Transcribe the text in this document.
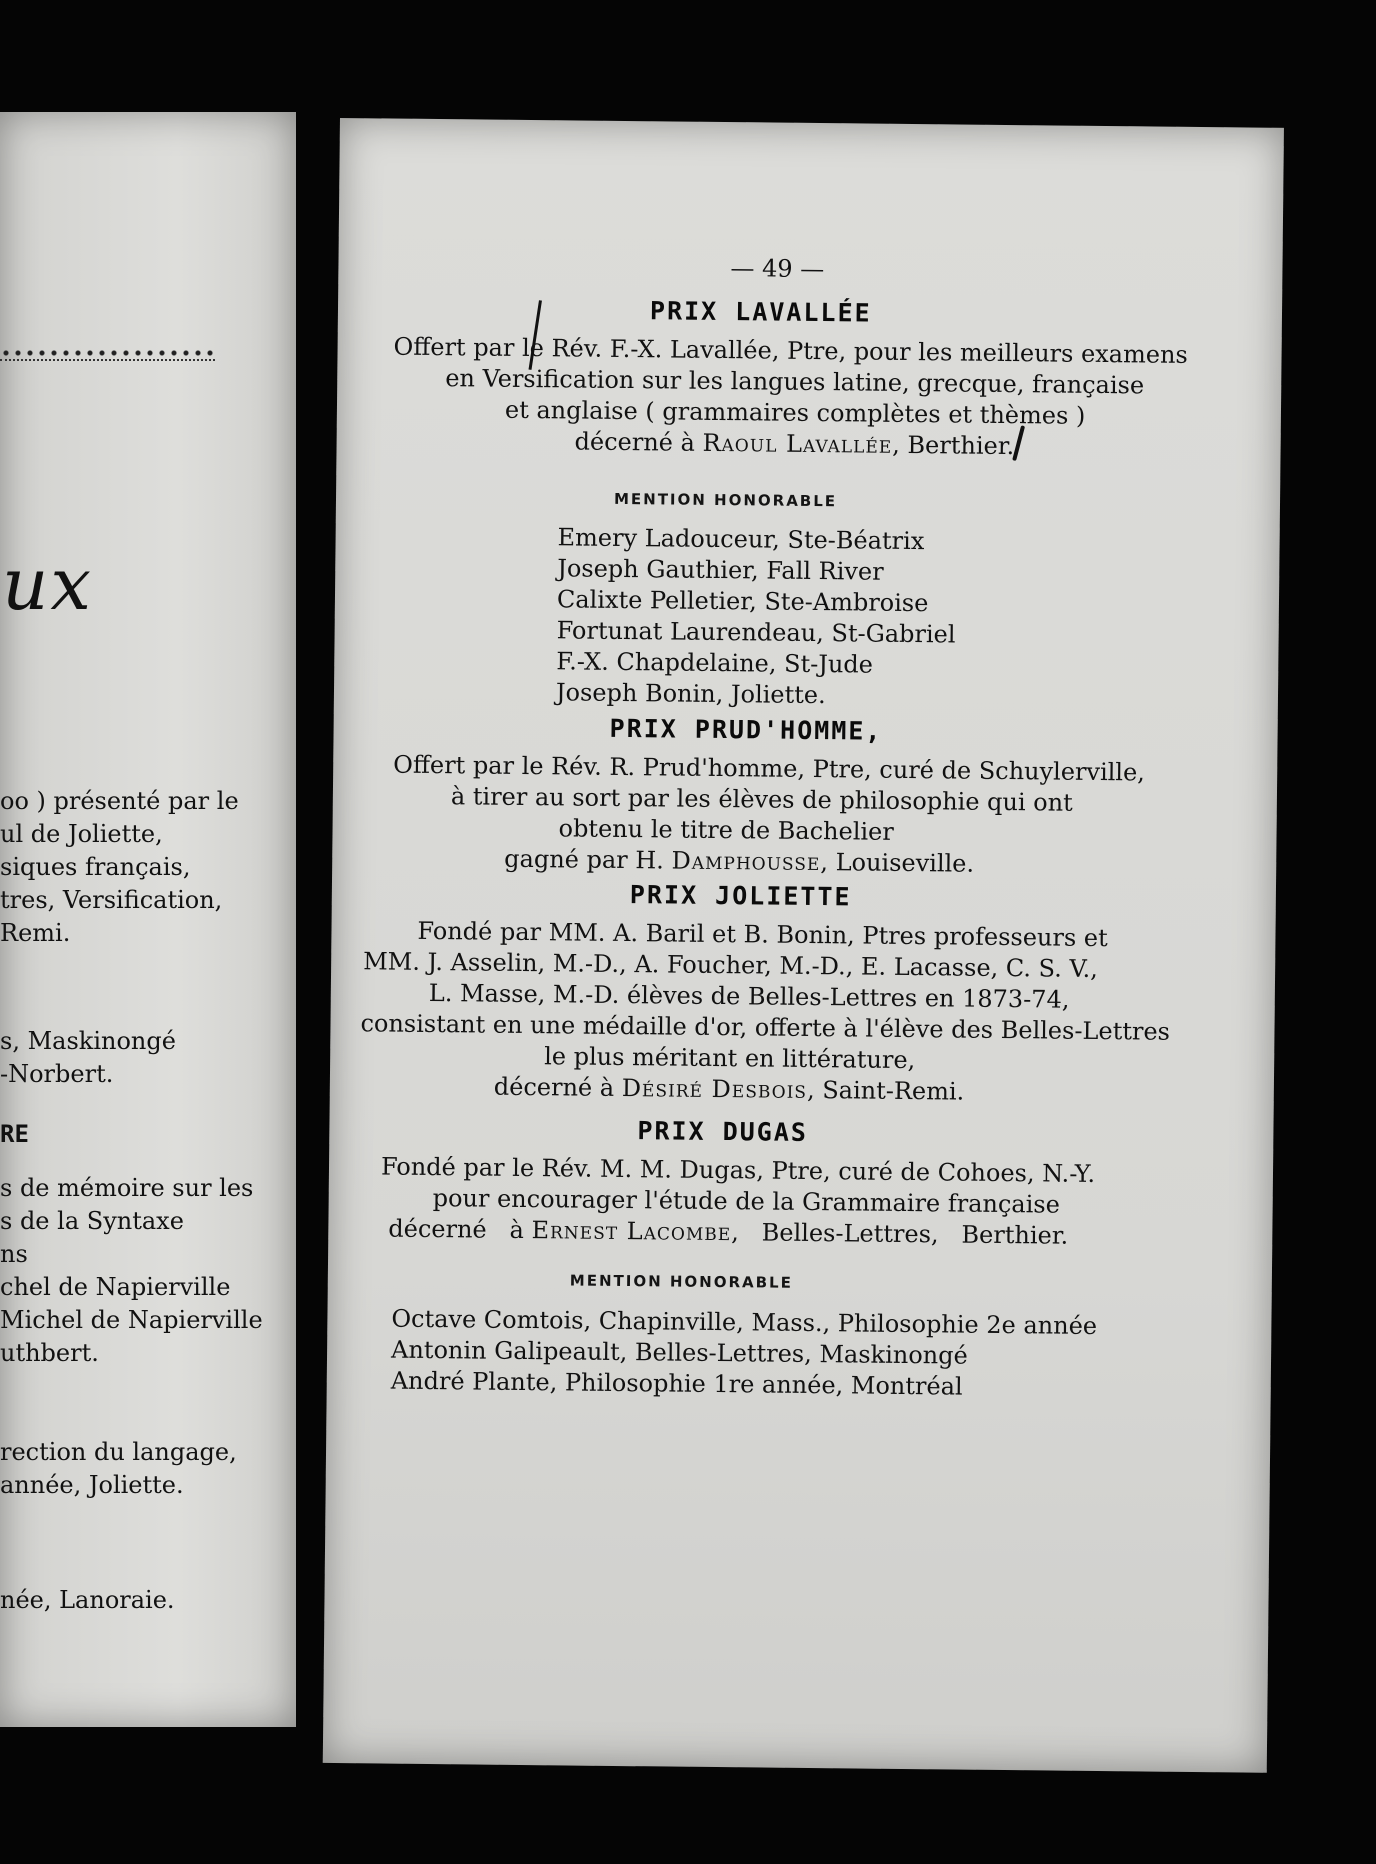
ux
oo ) présenté par le
ul de Joliette,
siques français,
tres, Versification,
Remi.
s, Maskinongé
-Norbert.
RE
s de mémoire sur les
s de la Syntaxe
ns
chel de Napierville
Michel de Napierville
uthbert.
rection du langage,
année, Joliette.
née, Lanoraie.
— 49 —
PRIX LAVALLÉE
Offert par le Rév. F.-X. Lavallée, Ptre, pour les meilleurs examens
en Versification sur les langues latine, grecque, française
et anglaise ( grammaires complètes et thèmes )
décerné à Raoul Lavallée, Berthier.
MENTION HONORABLE
Emery Ladouceur, Ste-Béatrix
Joseph Gauthier, Fall River
Calixte Pelletier, Ste-Ambroise
Fortunat Laurendeau, St-Gabriel
F.-X. Chapdelaine, St-Jude
Joseph Bonin, Joliette.
PRIX PRUD'HOMME,
Offert par le Rév. R. Prud'homme, Ptre, curé de Schuylerville,
à tirer au sort par les élèves de philosophie qui ont
obtenu le titre de Bachelier
gagné par H. Damphousse, Louiseville.
PRIX JOLIETTE
Fondé par MM. A. Baril et B. Bonin, Ptres professeurs et
MM. J. Asselin, M.-D., A. Foucher, M.-D., E. Lacasse, C. S. V.,
L. Masse, M.-D. élèves de Belles-Lettres en 1873-74,
consistant en une médaille d'or, offerte à l'élève des Belles-Lettres
le plus méritant en littérature,
décerné à Désiré Desbois, Saint-Remi.
PRIX DUGAS
Fondé par le Rév. M. M. Dugas, Ptre, curé de Cohoes, N.-Y.
pour encourager l'étude de la Grammaire française
décerné   à Ernest Lacombe,   Belles-Lettres,   Berthier.
MENTION HONORABLE
Octave Comtois, Chapinville, Mass., Philosophie 2e année
Antonin Galipeault, Belles-Lettres, Maskinongé
André Plante, Philosophie 1re année, Montréal
